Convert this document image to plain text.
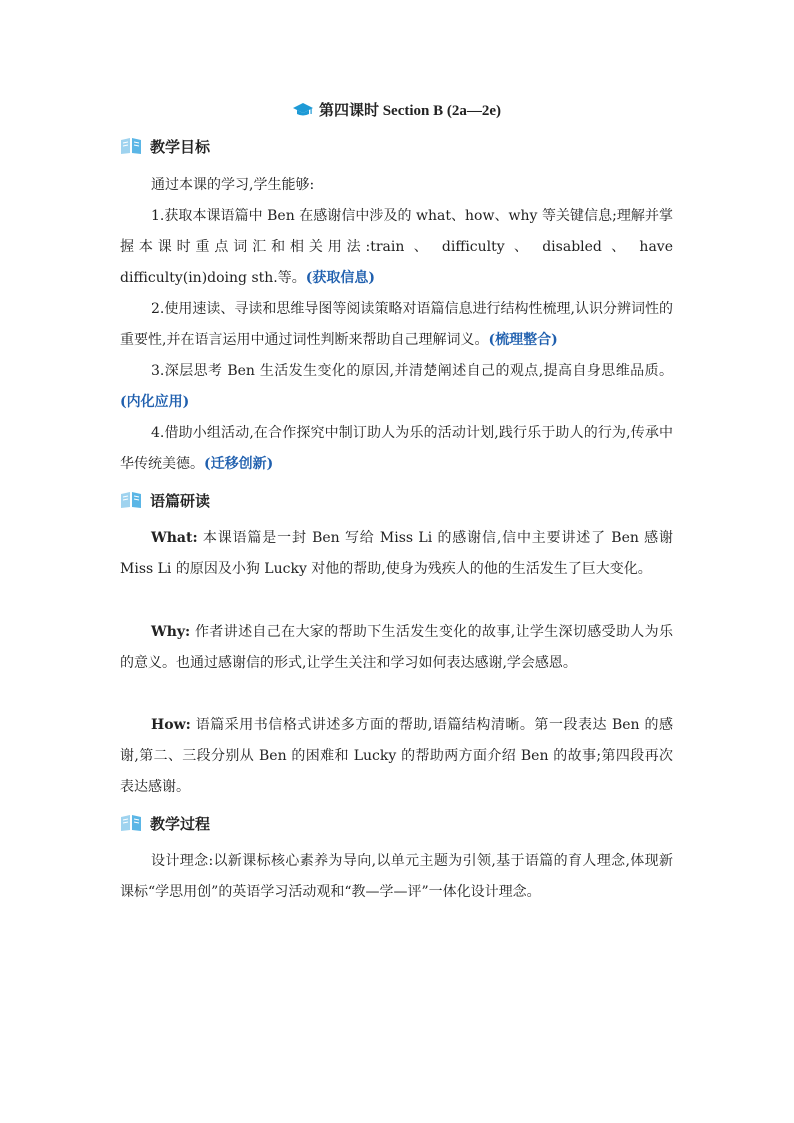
第四课时 Section B (2a—2e)
教学目标
通过本课的学习,学生能够:
1.获取本课语篇中 Ben 在感谢信中涉及的 what、how、why 等关键信息;理解并掌握本课时重点词汇和相关用法:train 、 difficulty 、 disabled 、 have difficulty(in)doing sth.等。(获取信息)
2.使用速读、寻读和思维导图等阅读策略对语篇信息进行结构性梳理,认识分辨词性的重要性,并在语言运用中通过词性判断来帮助自己理解词义。(梳理整合)
3.深层思考 Ben 生活发生变化的原因,并清楚阐述自己的观点,提高自身思维品质。(内化应用)
4.借助小组活动,在合作探究中制订助人为乐的活动计划,践行乐于助人的行为,传承中华传统美德。(迁移创新)
语篇研读
What: 本课语篇是一封 Ben 写给 Miss Li 的感谢信,信中主要讲述了 Ben 感谢 Miss Li 的原因及小狗 Lucky 对他的帮助,使身为残疾人的他的生活发生了巨大变化。
Why: 作者讲述自己在大家的帮助下生活发生变化的故事,让学生深切感受助人为乐的意义。也通过感谢信的形式,让学生关注和学习如何表达感谢,学会感恩。
How: 语篇采用书信格式讲述多方面的帮助,语篇结构清晰。第一段表达 Ben 的感谢,第二、三段分别从 Ben 的困难和 Lucky 的帮助两方面介绍 Ben 的故事;第四段再次表达感谢。
教学过程
设计理念:以新课标核心素养为导向,以单元主题为引领,基于语篇的育人理念,体现新课标“学思用创”的英语学习活动观和“教—学—评”一体化设计理念。
